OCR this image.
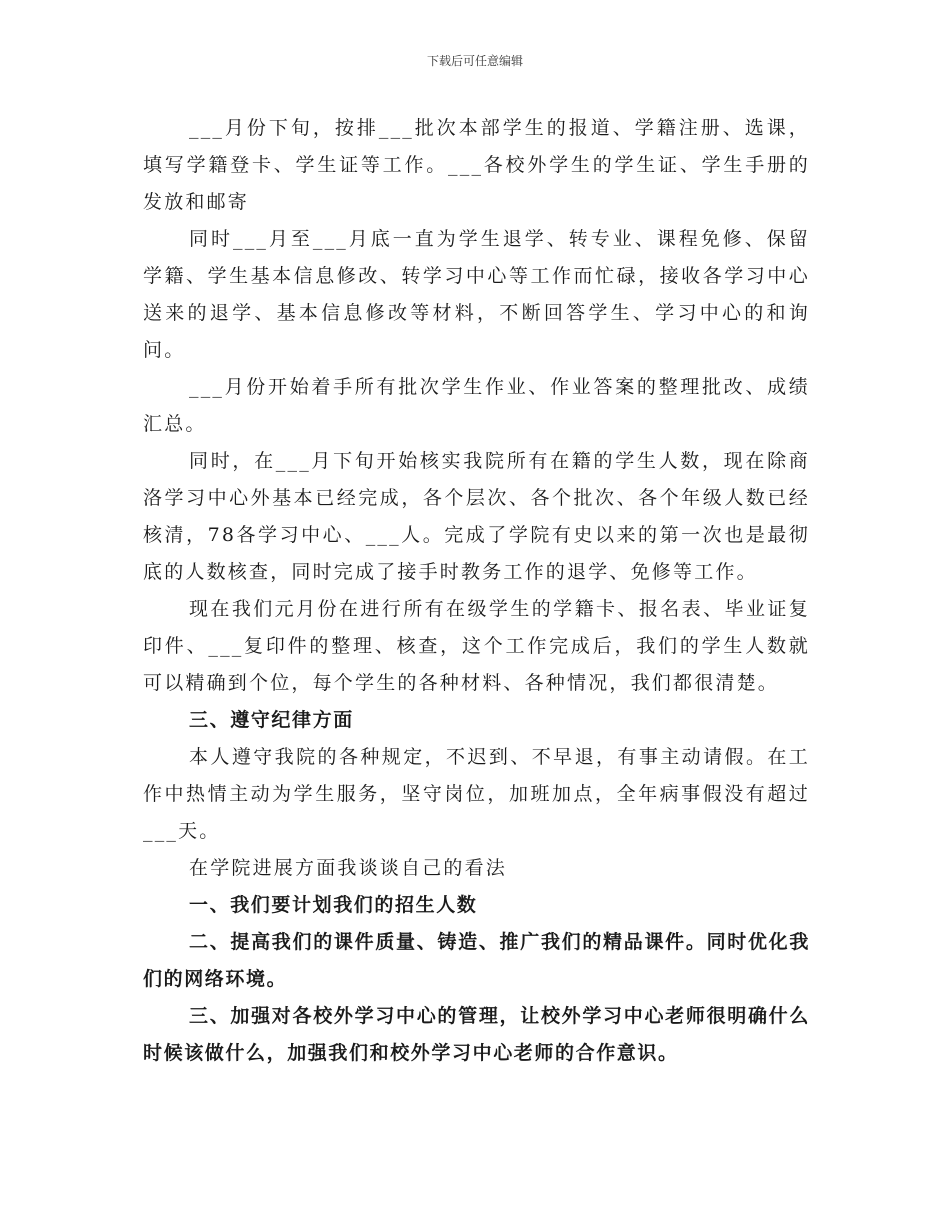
下载后可任意编辑

___月份下旬，按排___批次本部学生的报道、学籍注册、选课，填写学籍登卡、学生证等工作。___各校外学生的学生证、学生手册的发放和邮寄

同时___月至___月底一直为学生退学、转专业、课程免修、保留学籍、学生基本信息修改、转学习中心等工作而忙碌，接收各学习中心送来的退学、基本信息修改等材料，不断回答学生、学习中心的和询问。

___月份开始着手所有批次学生作业、作业答案的整理批改、成绩汇总。

同时，在___月下旬开始核实我院所有在籍的学生人数，现在除商洛学习中心外基本已经完成，各个层次、各个批次、各个年级人数已经核清，78各学习中心、___人。完成了学院有史以来的第一次也是最彻底的人数核查，同时完成了接手时教务工作的退学、免修等工作。

现在我们元月份在进行所有在级学生的学籍卡、报名表、毕业证复印件、___复印件的整理、核查，这个工作完成后，我们的学生人数就可以精确到个位，每个学生的各种材料、各种情况，我们都很清楚。

三、遵守纪律方面

本人遵守我院的各种规定，不迟到、不早退，有事主动请假。在工作中热情主动为学生服务，坚守岗位，加班加点，全年病事假没有超过___天。

在学院进展方面我谈谈自己的看法

一、我们要计划我们的招生人数

二、提高我们的课件质量、铸造、推广我们的精品课件。同时优化我们的网络环境。

三、加强对各校外学习中心的管理，让校外学习中心老师很明确什么时候该做什么，加强我们和校外学习中心老师的合作意识。
